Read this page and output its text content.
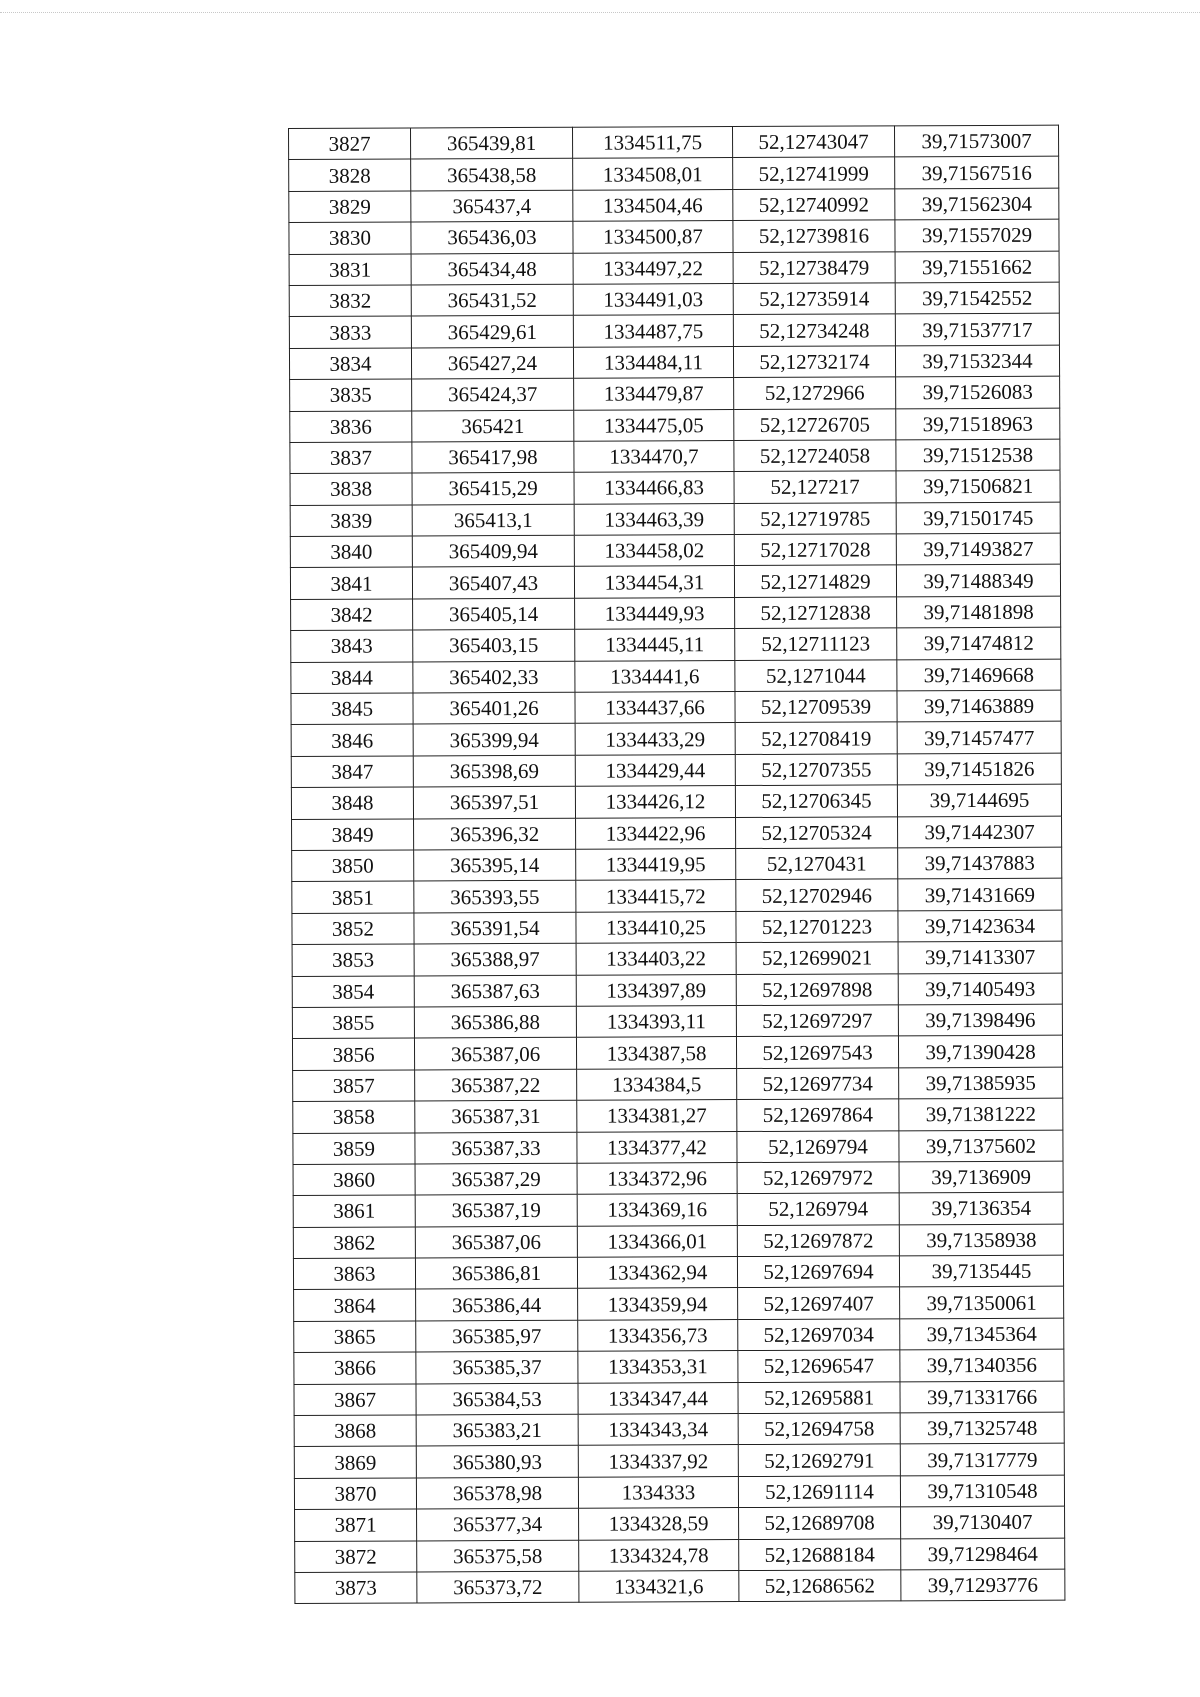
3827	365439,81	1334511,75	52,12743047	39,71573007
3828	365438,58	1334508,01	52,12741999	39,71567516
3829	365437,4	1334504,46	52,12740992	39,71562304
3830	365436,03	1334500,87	52,12739816	39,71557029
3831	365434,48	1334497,22	52,12738479	39,71551662
3832	365431,52	1334491,03	52,12735914	39,71542552
3833	365429,61	1334487,75	52,12734248	39,71537717
3834	365427,24	1334484,11	52,12732174	39,71532344
3835	365424,37	1334479,87	52,1272966	39,71526083
3836	365421	1334475,05	52,12726705	39,71518963
3837	365417,98	1334470,7	52,12724058	39,71512538
3838	365415,29	1334466,83	52,127217	39,71506821
3839	365413,1	1334463,39	52,12719785	39,71501745
3840	365409,94	1334458,02	52,12717028	39,71493827
3841	365407,43	1334454,31	52,12714829	39,71488349
3842	365405,14	1334449,93	52,12712838	39,71481898
3843	365403,15	1334445,11	52,12711123	39,71474812
3844	365402,33	1334441,6	52,1271044	39,71469668
3845	365401,26	1334437,66	52,12709539	39,71463889
3846	365399,94	1334433,29	52,12708419	39,71457477
3847	365398,69	1334429,44	52,12707355	39,71451826
3848	365397,51	1334426,12	52,12706345	39,7144695
3849	365396,32	1334422,96	52,12705324	39,71442307
3850	365395,14	1334419,95	52,1270431	39,71437883
3851	365393,55	1334415,72	52,12702946	39,71431669
3852	365391,54	1334410,25	52,12701223	39,71423634
3853	365388,97	1334403,22	52,12699021	39,71413307
3854	365387,63	1334397,89	52,12697898	39,71405493
3855	365386,88	1334393,11	52,12697297	39,71398496
3856	365387,06	1334387,58	52,12697543	39,71390428
3857	365387,22	1334384,5	52,12697734	39,71385935
3858	365387,31	1334381,27	52,12697864	39,71381222
3859	365387,33	1334377,42	52,1269794	39,71375602
3860	365387,29	1334372,96	52,12697972	39,7136909
3861	365387,19	1334369,16	52,1269794	39,7136354
3862	365387,06	1334366,01	52,12697872	39,71358938
3863	365386,81	1334362,94	52,12697694	39,7135445
3864	365386,44	1334359,94	52,12697407	39,71350061
3865	365385,97	1334356,73	52,12697034	39,71345364
3866	365385,37	1334353,31	52,12696547	39,71340356
3867	365384,53	1334347,44	52,12695881	39,71331766
3868	365383,21	1334343,34	52,12694758	39,71325748
3869	365380,93	1334337,92	52,12692791	39,71317779
3870	365378,98	1334333	52,12691114	39,71310548
3871	365377,34	1334328,59	52,12689708	39,7130407
3872	365375,58	1334324,78	52,12688184	39,71298464
3873	365373,72	1334321,6	52,12686562	39,71293776
